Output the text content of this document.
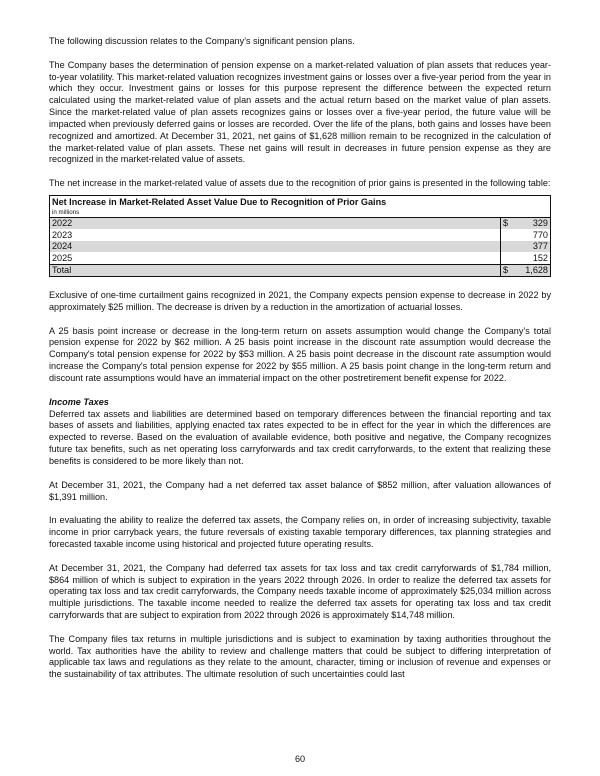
The following discussion relates to the Company’s significant pension plans.

The Company bases the determination of pension expense on a market-related valuation of plan assets that reduces year-to-year volatility. This market-related valuation recognizes investment gains or losses over a five-year period from the year in which they occur. Investment gains or losses for this purpose represent the difference between the expected return calculated using the market-related value of plan assets and the actual return based on the market value of plan assets. Since the market-related value of plan assets recognizes gains or losses over a five-year period, the future value will be impacted when previously deferred gains or losses are recorded. Over the life of the plans, both gains and losses have been recognized and amortized. At December 31, 2021, net gains of $1,628 million remain to be recognized in the calculation of the market-related value of plan assets. These net gains will result in decreases in future pension expense as they are recognized in the market-related value of assets.

The net increase in the market-related value of assets due to the recognition of prior gains is presented in the following table:

Net Increase in Market-Related Asset Value Due to Recognition of Prior Gains
in millions	

2022	$ 329
2023	770
2024	377
2025	152
Total	$ 1,628

Exclusive of one-time curtailment gains recognized in 2021, the Company expects pension expense to decrease in 2022 by approximately $25 million. The decrease is driven by a reduction in the amortization of actuarial losses.

A 25 basis point increase or decrease in the long-term return on assets assumption would change the Company’s total pension expense for 2022 by $62 million. A 25 basis point increase in the discount rate assumption would decrease the Company's total pension expense for 2022 by $53 million. A 25 basis point decrease in the discount rate assumption would increase the Company's total pension expense for 2022 by $55 million. A 25 basis point change in the long-term return and discount rate assumptions would have an immaterial impact on the other postretirement benefit expense for 2022.

Income Taxes

Deferred tax assets and liabilities are determined based on temporary differences between the financial reporting and tax bases of assets and liabilities, applying enacted tax rates expected to be in effect for the year in which the differences are expected to reverse. Based on the evaluation of available evidence, both positive and negative, the Company recognizes future tax benefits, such as net operating loss carryforwards and tax credit carryforwards, to the extent that realizing these benefits is considered to be more likely than not.

At December 31, 2021, the Company had a net deferred tax asset balance of $852 million, after valuation allowances of $1,391 million.

In evaluating the ability to realize the deferred tax assets, the Company relies on, in order of increasing subjectivity, taxable income in prior carryback years, the future reversals of existing taxable temporary differences, tax planning strategies and forecasted taxable income using historical and projected future operating results.

At December 31, 2021, the Company had deferred tax assets for tax loss and tax credit carryforwards of $1,784 million, $864 million of which is subject to expiration in the years 2022 through 2026. In order to realize the deferred tax assets for operating tax loss and tax credit carryforwards, the Company needs taxable income of approximately $25,034 million across multiple jurisdictions. The taxable income needed to realize the deferred tax assets for operating tax loss and tax credit carryforwards that are subject to expiration from 2022 through 2026 is approximately $14,748 million.

The Company files tax returns in multiple jurisdictions and is subject to examination by taxing authorities throughout the world. Tax authorities have the ability to review and challenge matters that could be subject to differing interpretation of applicable tax laws and regulations as they relate to the amount, character, timing or inclusion of revenue and expenses or the sustainability of tax attributes. The ultimate resolution of such uncertainties could last

60
